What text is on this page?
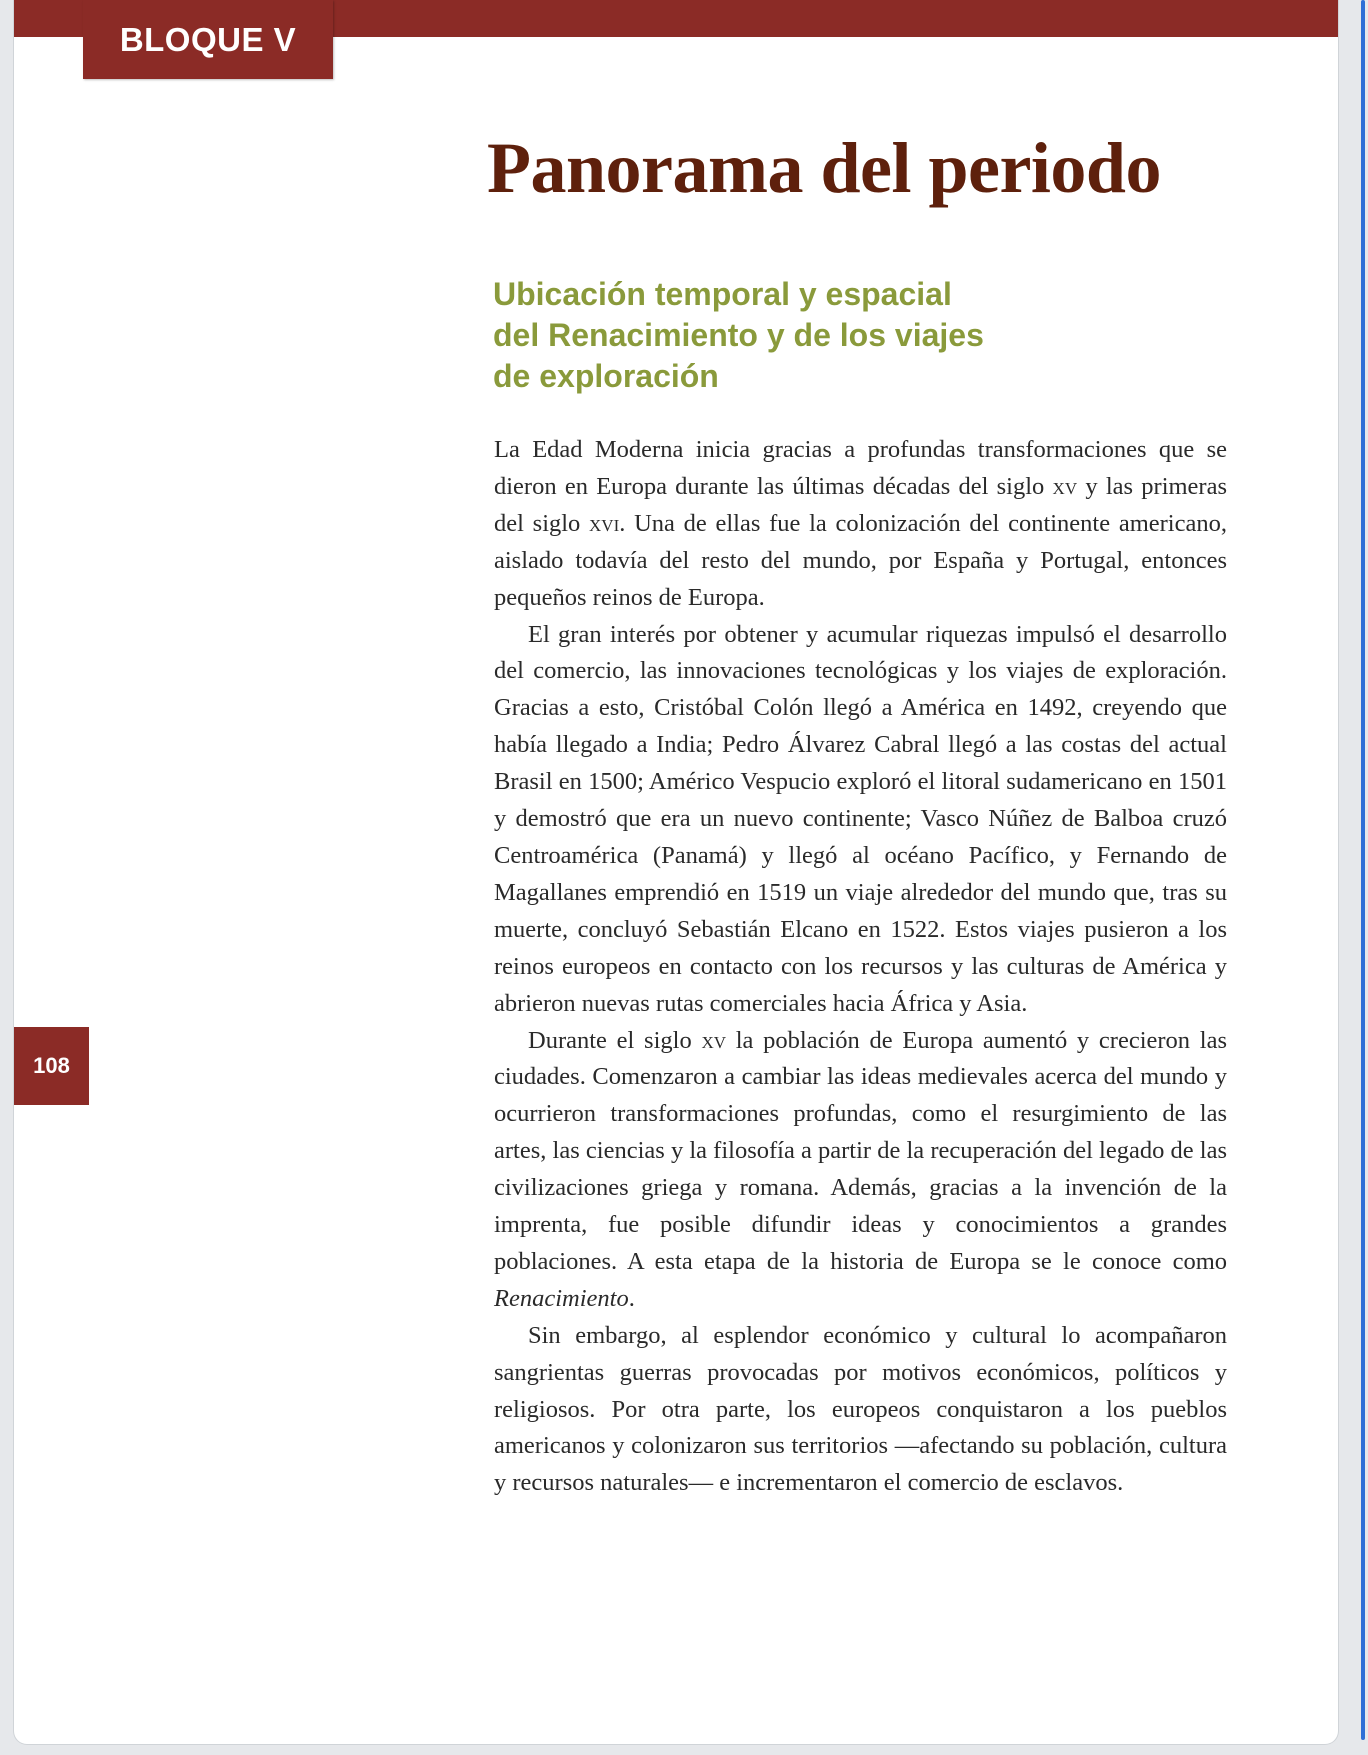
BLOQUE V
108
Panorama del periodo
Ubicación temporal y espacial
del Renacimiento y de los viajes
de exploración

La Edad Moderna inicia gracias a profundas transformaciones que se dieron en Europa durante las últimas décadas del siglo xv y las primeras del siglo xvi. Una de ellas fue la colonización del continente americano, aislado todavía del resto del mundo, por España y Portugal, entonces pequeños reinos de Europa.

El gran interés por obtener y acumular riquezas impulsó el desarrollo del comercio, las innovaciones tecnológicas y los viajes de exploración. Gracias a esto, Cristóbal Colón llegó a América en 1492, creyendo que había llegado a India; Pedro Álvarez Cabral llegó a las costas del actual Brasil en 1500; Américo Vespucio exploró el litoral sudamericano en 1501 y demostró que era un nuevo continente; Vasco Núñez de Balboa cruzó Centroamérica (Panamá) y llegó al océano Pacífico, y Fernando de Magallanes emprendió en 1519 un viaje alrededor del mundo que, tras su muerte, concluyó Sebastián Elcano en 1522. Estos viajes pusieron a los reinos europeos en contacto con los recursos y las culturas de América y abrieron nuevas rutas comerciales hacia África y Asia.

Durante el siglo xv la población de Europa aumentó y crecieron las ciudades. Comenzaron a cambiar las ideas medievales acerca del mundo y ocurrieron transformaciones profundas, como el resurgimiento de las artes, las ciencias y la filosofía a partir de la recuperación del legado de las civilizaciones griega y romana. Además, gracias a la invención de la imprenta, fue posible difundir ideas y conocimientos a grandes poblaciones. A esta etapa de la historia de Europa se le conoce como Renacimiento.

Sin embargo, al esplendor económico y cultural lo acompañaron sangrientas guerras provocadas por motivos económicos, políticos y religiosos. Por otra parte, los europeos conquistaron a los pueblos americanos y colonizaron sus territorios —afectando su población, cultura y recursos naturales— e incrementaron el comercio de esclavos.
